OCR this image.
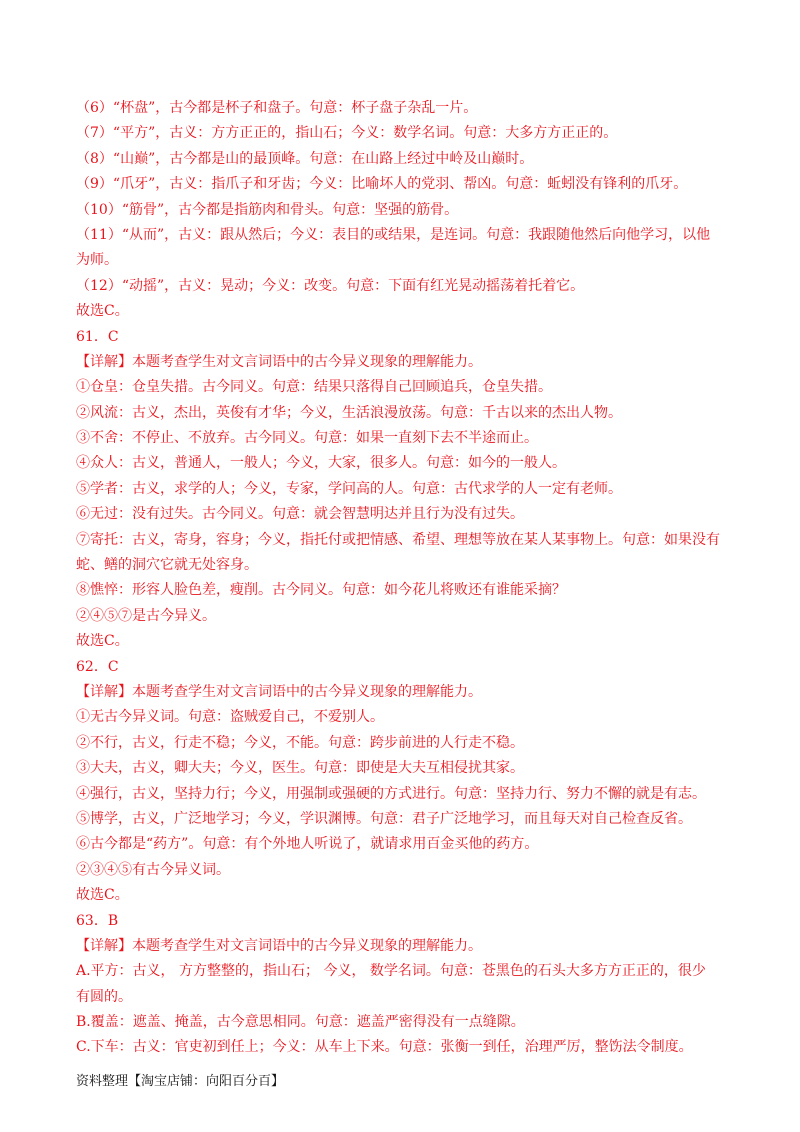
（6）“杯盘”，古今都是杯子和盘子。句意：杯子盘子杂乱一片。
（7）“平方”，古义：方方正正的，指山石；今义：数学名词。句意：大多方方正正的。
（8）“山巅”，古今都是山的最顶峰。句意：在山路上经过中岭及山巅时。
（9）“爪牙”，古义：指爪子和牙齿；今义：比喻坏人的党羽、帮凶。句意：蚯蚓没有锋利的爪牙。
（10）“筋骨”，古今都是指筋肉和骨头。句意：坚强的筋骨。
（11）“从而”，古义：跟从然后；今义：表目的或结果，是连词。句意：我跟随他然后向他学习，以他
为师。
（12）“动摇”，古义：晃动；今义：改变。句意：下面有红光晃动摇荡着托着它。
故选C。
61．C
【详解】本题考查学生对文言词语中的古今异义现象的理解能力。
①仓皇：仓皇失措。古今同义。句意：结果只落得自己回顾追兵，仓皇失措。
②风流：古义，杰出，英俊有才华；今义，生活浪漫放荡。句意：千古以来的杰出人物。
③不舍：不停止、不放弃。古今同义。句意：如果一直刻下去不半途而止。
④众人：古义，普通人，一般人；今义，大家，很多人。句意：如今的一般人。
⑤学者：古义，求学的人；今义，专家，学问高的人。句意：古代求学的人一定有老师。
⑥无过：没有过失。古今同义。句意：就会智慧明达并且行为没有过失。
⑦寄托：古义，寄身，容身；今义，指托付或把情感、希望、理想等放在某人某事物上。句意：如果没有
蛇、鳝的洞穴它就无处容身。
⑧憔悴：形容人脸色差，瘦削。古今同义。句意：如今花儿将败还有谁能采摘？
②④⑤⑦是古今异义。
故选C。
62．C
【详解】本题考查学生对文言词语中的古今异义现象的理解能力。
①无古今异义词。句意：盗贼爱自己，不爱别人。
②不行，古义，行走不稳；今义，不能。句意：跨步前进的人行走不稳。
③大夫，古义，卿大夫；今义，医生。句意：即使是大夫互相侵扰其家。
④强行，古义，坚持力行；今义，用强制或强硬的方式进行。句意：坚持力行、努力不懈的就是有志。
⑤博学，古义，广泛地学习；今义，学识渊博。句意：君子广泛地学习，而且每天对自己检查反省。
⑥古今都是“药方”。句意：有个外地人听说了，就请求用百金买他的药方。
②③④⑤有古今异义词。
故选C。
63．B
【详解】本题考查学生对文言词语中的古今异义现象的理解能力。
A.平方：古义， 方方整整的，指山石； 今义， 数学名词。句意：苍黑色的石头大多方方正正的，很少
有圆的。
B.覆盖：遮盖、掩盖，古今意思相同。句意：遮盖严密得没有一点缝隙。
C.下车：古义：官吏初到任上；今义：从车上下来。句意：张衡一到任，治理严厉，整饬法令制度。
资料整理【淘宝店铺：向阳百分百】
